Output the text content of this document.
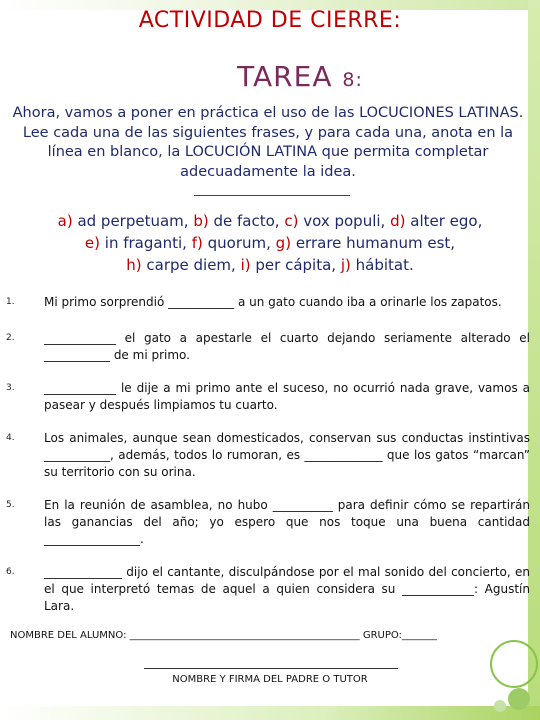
ACTIVIDAD DE CIERRE:
TAREA 8:
Ahora, vamos a poner en práctica el uso de las LOCUCIONES LATINAS. Lee cada una de las siguientes frases, y para cada una, anota en la línea en blanco, la LOCUCIÓN LATINA que permita completar adecuadamente la idea.
a) ad perpetuam, b) de facto, c) vox populi, d) alter ego,
e) in fraganti, f) quorum, g) errare humanum est,
h) carpe diem, i) per cápita, j) hábitat.
1. Mi primo sorprendió ___________ a un gato cuando iba a orinarle los zapatos.
2. ____________ el gato a apestarle el cuarto dejando seriamente alterado el ___________ de mi primo.
3. ____________ le dije a mi primo ante el suceso, no ocurrió nada grave, vamos a pasear y después limpiamos tu cuarto.
4. Los animales, aunque sean domesticados, conservan sus conductas instintivas ___________, además, todos lo rumoran, es _____________ que los gatos “marcan” su territorio con su orina.
5. En la reunión de asamblea, no hubo __________ para definir cómo se repartirán las ganancias del año; yo espero que nos toque una buena cantidad ________________.
6. _____________ dijo el cantante, disculpándose por el mal sonido del concierto, en el que interpretó temas de aquel a quien considera su ____________: Agustín Lara.
NOMBRE DEL ALUMNO: ______________________________________________ GRUPO:_______
NOMBRE Y FIRMA DEL PADRE O TUTOR
